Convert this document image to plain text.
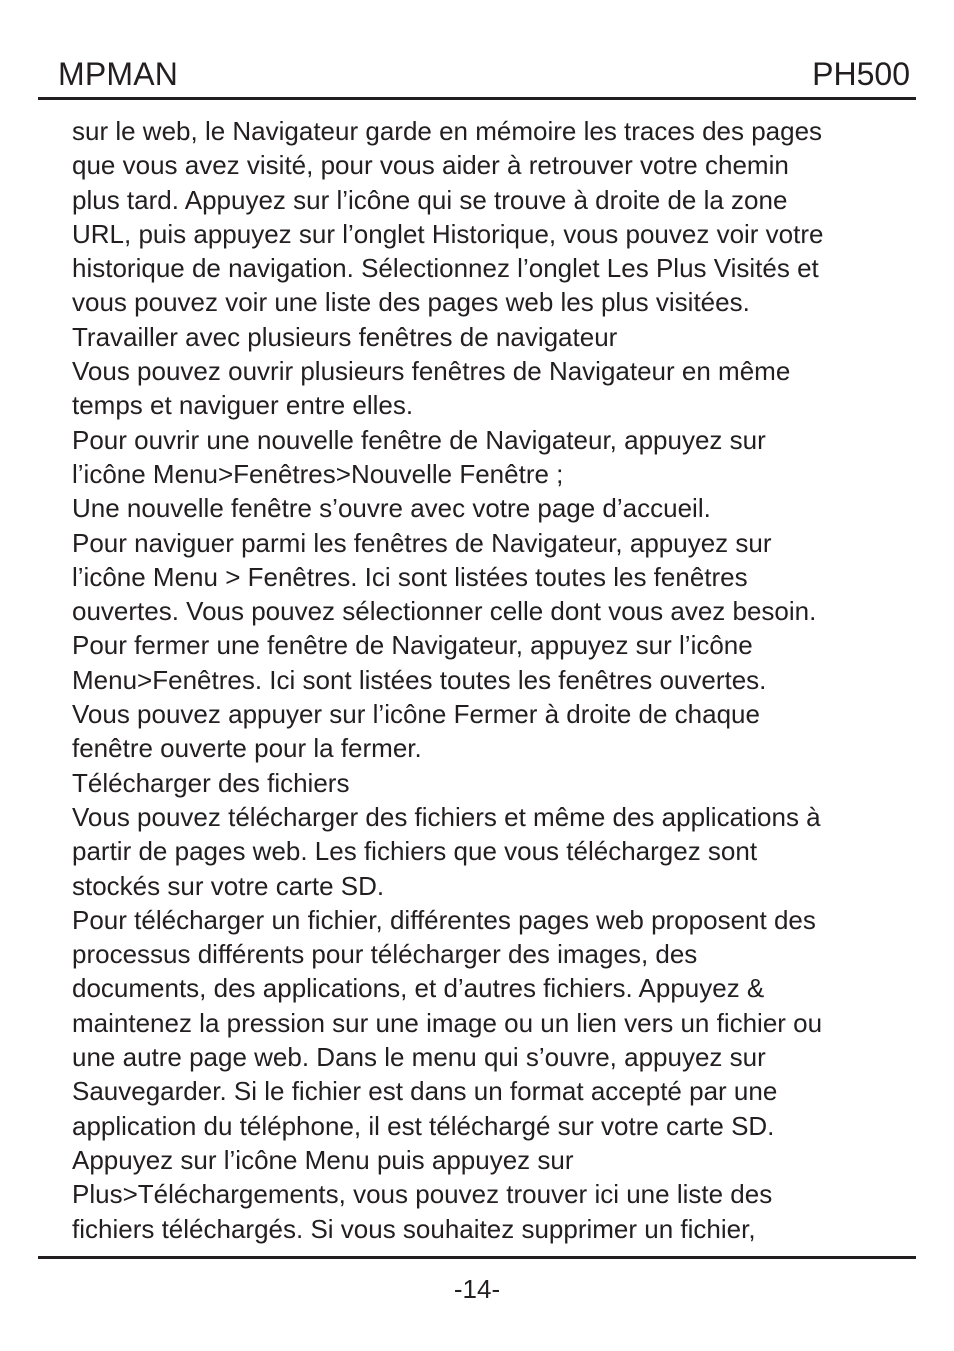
MPMAN	PH500
sur le web, le Navigateur garde en mémoire les traces des pages
que vous avez visité, pour vous aider à retrouver votre chemin
plus tard. Appuyez sur l’icône qui se trouve à droite de la zone
URL, puis appuyez sur l’onglet Historique, vous pouvez voir votre
historique de navigation. Sélectionnez l’onglet Les Plus Visités et
vous pouvez voir une liste des pages web les plus visitées.
Travailler avec plusieurs fenêtres de navigateur
Vous pouvez ouvrir plusieurs fenêtres de Navigateur en même
temps et naviguer entre elles.
Pour ouvrir une nouvelle fenêtre de Navigateur, appuyez sur
l’icône Menu>Fenêtres>Nouvelle Fenêtre ;
Une nouvelle fenêtre s’ouvre avec votre page d’accueil.
Pour naviguer parmi les fenêtres de Navigateur, appuyez sur
l’icône Menu > Fenêtres. Ici sont listées toutes les fenêtres
ouvertes. Vous pouvez sélectionner celle dont vous avez besoin.
Pour fermer une fenêtre de Navigateur, appuyez sur l’icône
Menu>Fenêtres. Ici sont listées toutes les fenêtres ouvertes.
Vous pouvez appuyer sur l’icône Fermer à droite de chaque
fenêtre ouverte pour la fermer.
Télécharger des fichiers
Vous pouvez télécharger des fichiers et même des applications à
partir de pages web. Les fichiers que vous téléchargez sont
stockés sur votre carte SD.
Pour télécharger un fichier, différentes pages web proposent des
processus différents pour télécharger des images, des
documents, des applications, et d’autres fichiers. Appuyez &
maintenez la pression sur une image ou un lien vers un fichier ou
une autre page web. Dans le menu qui s’ouvre, appuyez sur
Sauvegarder. Si le fichier est dans un format accepté par une
application du téléphone, il est téléchargé sur votre carte SD.
Appuyez sur l’icône Menu puis appuyez sur
Plus>Téléchargements, vous pouvez trouver ici une liste des
fichiers téléchargés. Si vous souhaitez supprimer un fichier,
-14-
